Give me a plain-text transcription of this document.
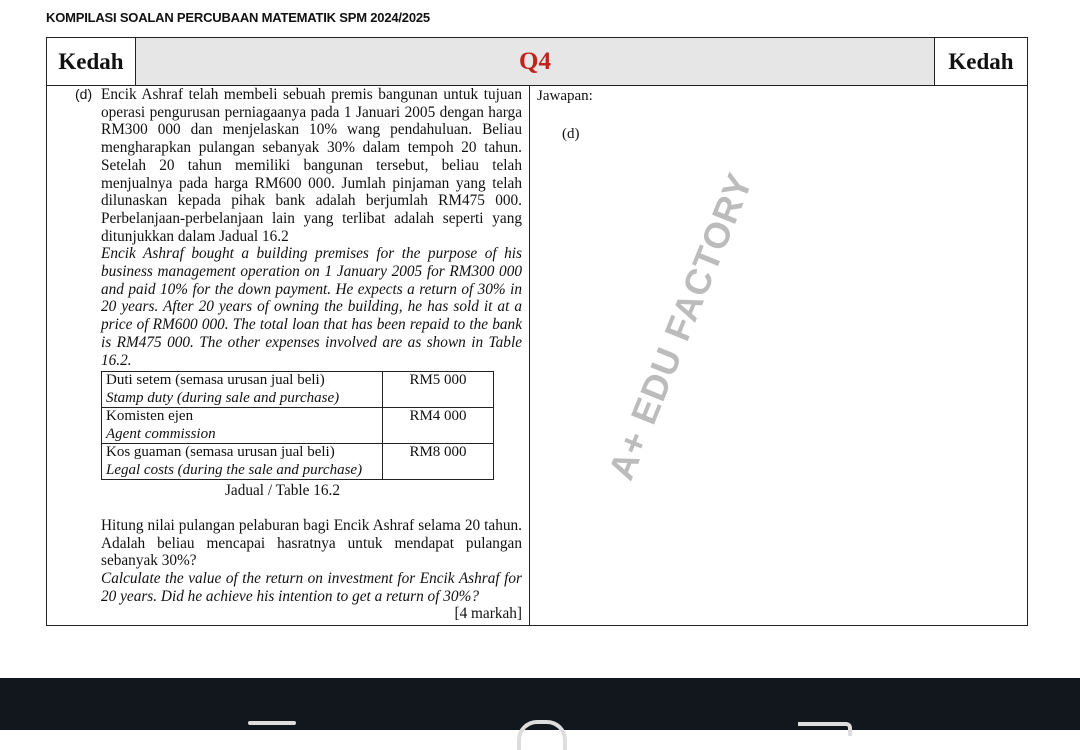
KOMPILASI SOALAN PERCUBAAN MATEMATIK SPM 2024/2025
Kedah	Q4	Kedah
(d) Encik Ashraf telah membeli sebuah premis bangunan untuk tujuan operasi pengurusan perniagaanya pada 1 Januari 2005 dengan harga RM300 000 dan menjelaskan 10% wang pendahuluan. Beliau mengharapkan pulangan sebanyak 30% dalam tempoh 20 tahun. Setelah 20 tahun memiliki bangunan tersebut, beliau telah menjualnya pada harga RM600 000. Jumlah pinjaman yang telah dilunaskan kepada pihak bank adalah berjumlah RM475 000. Perbelanjaan-perbelanjaan lain yang terlibat adalah seperti yang ditunjukkan dalam Jadual 16.2

Encik Ashraf bought a building premises for the purpose of his business management operation on 1 January 2005 for RM300 000 and paid 10% for the down payment. He expects a return of 30% in 20 years. After 20 years of owning the building, he has sold it at a price of RM600 000. The total loan that has been repaid to the bank is RM475 000. The other expenses involved are as shown in Table 16.2.

Duti setem (semasa urusan jual beli)
Stamp duty (during sale and purchase)	RM5 000
Komisten ejen
Agent commission	RM4 000
Kos guaman (semasa urusan jual beli)
Legal costs (during the sale and purchase)	RM8 000
Jadual / Table 16.2

Hitung nilai pulangan pelaburan bagi Encik Ashraf selama 20 tahun. Adalah beliau mencapai hasratnya untuk mendapat pulangan sebanyak 30%?

Calculate the value of the return on investment for Encik Ashraf for 20 years. Did he achieve his intention to get a return of 30%?

[4 markah]
Jawapan:
(d)
A+ EDU FACTORY
